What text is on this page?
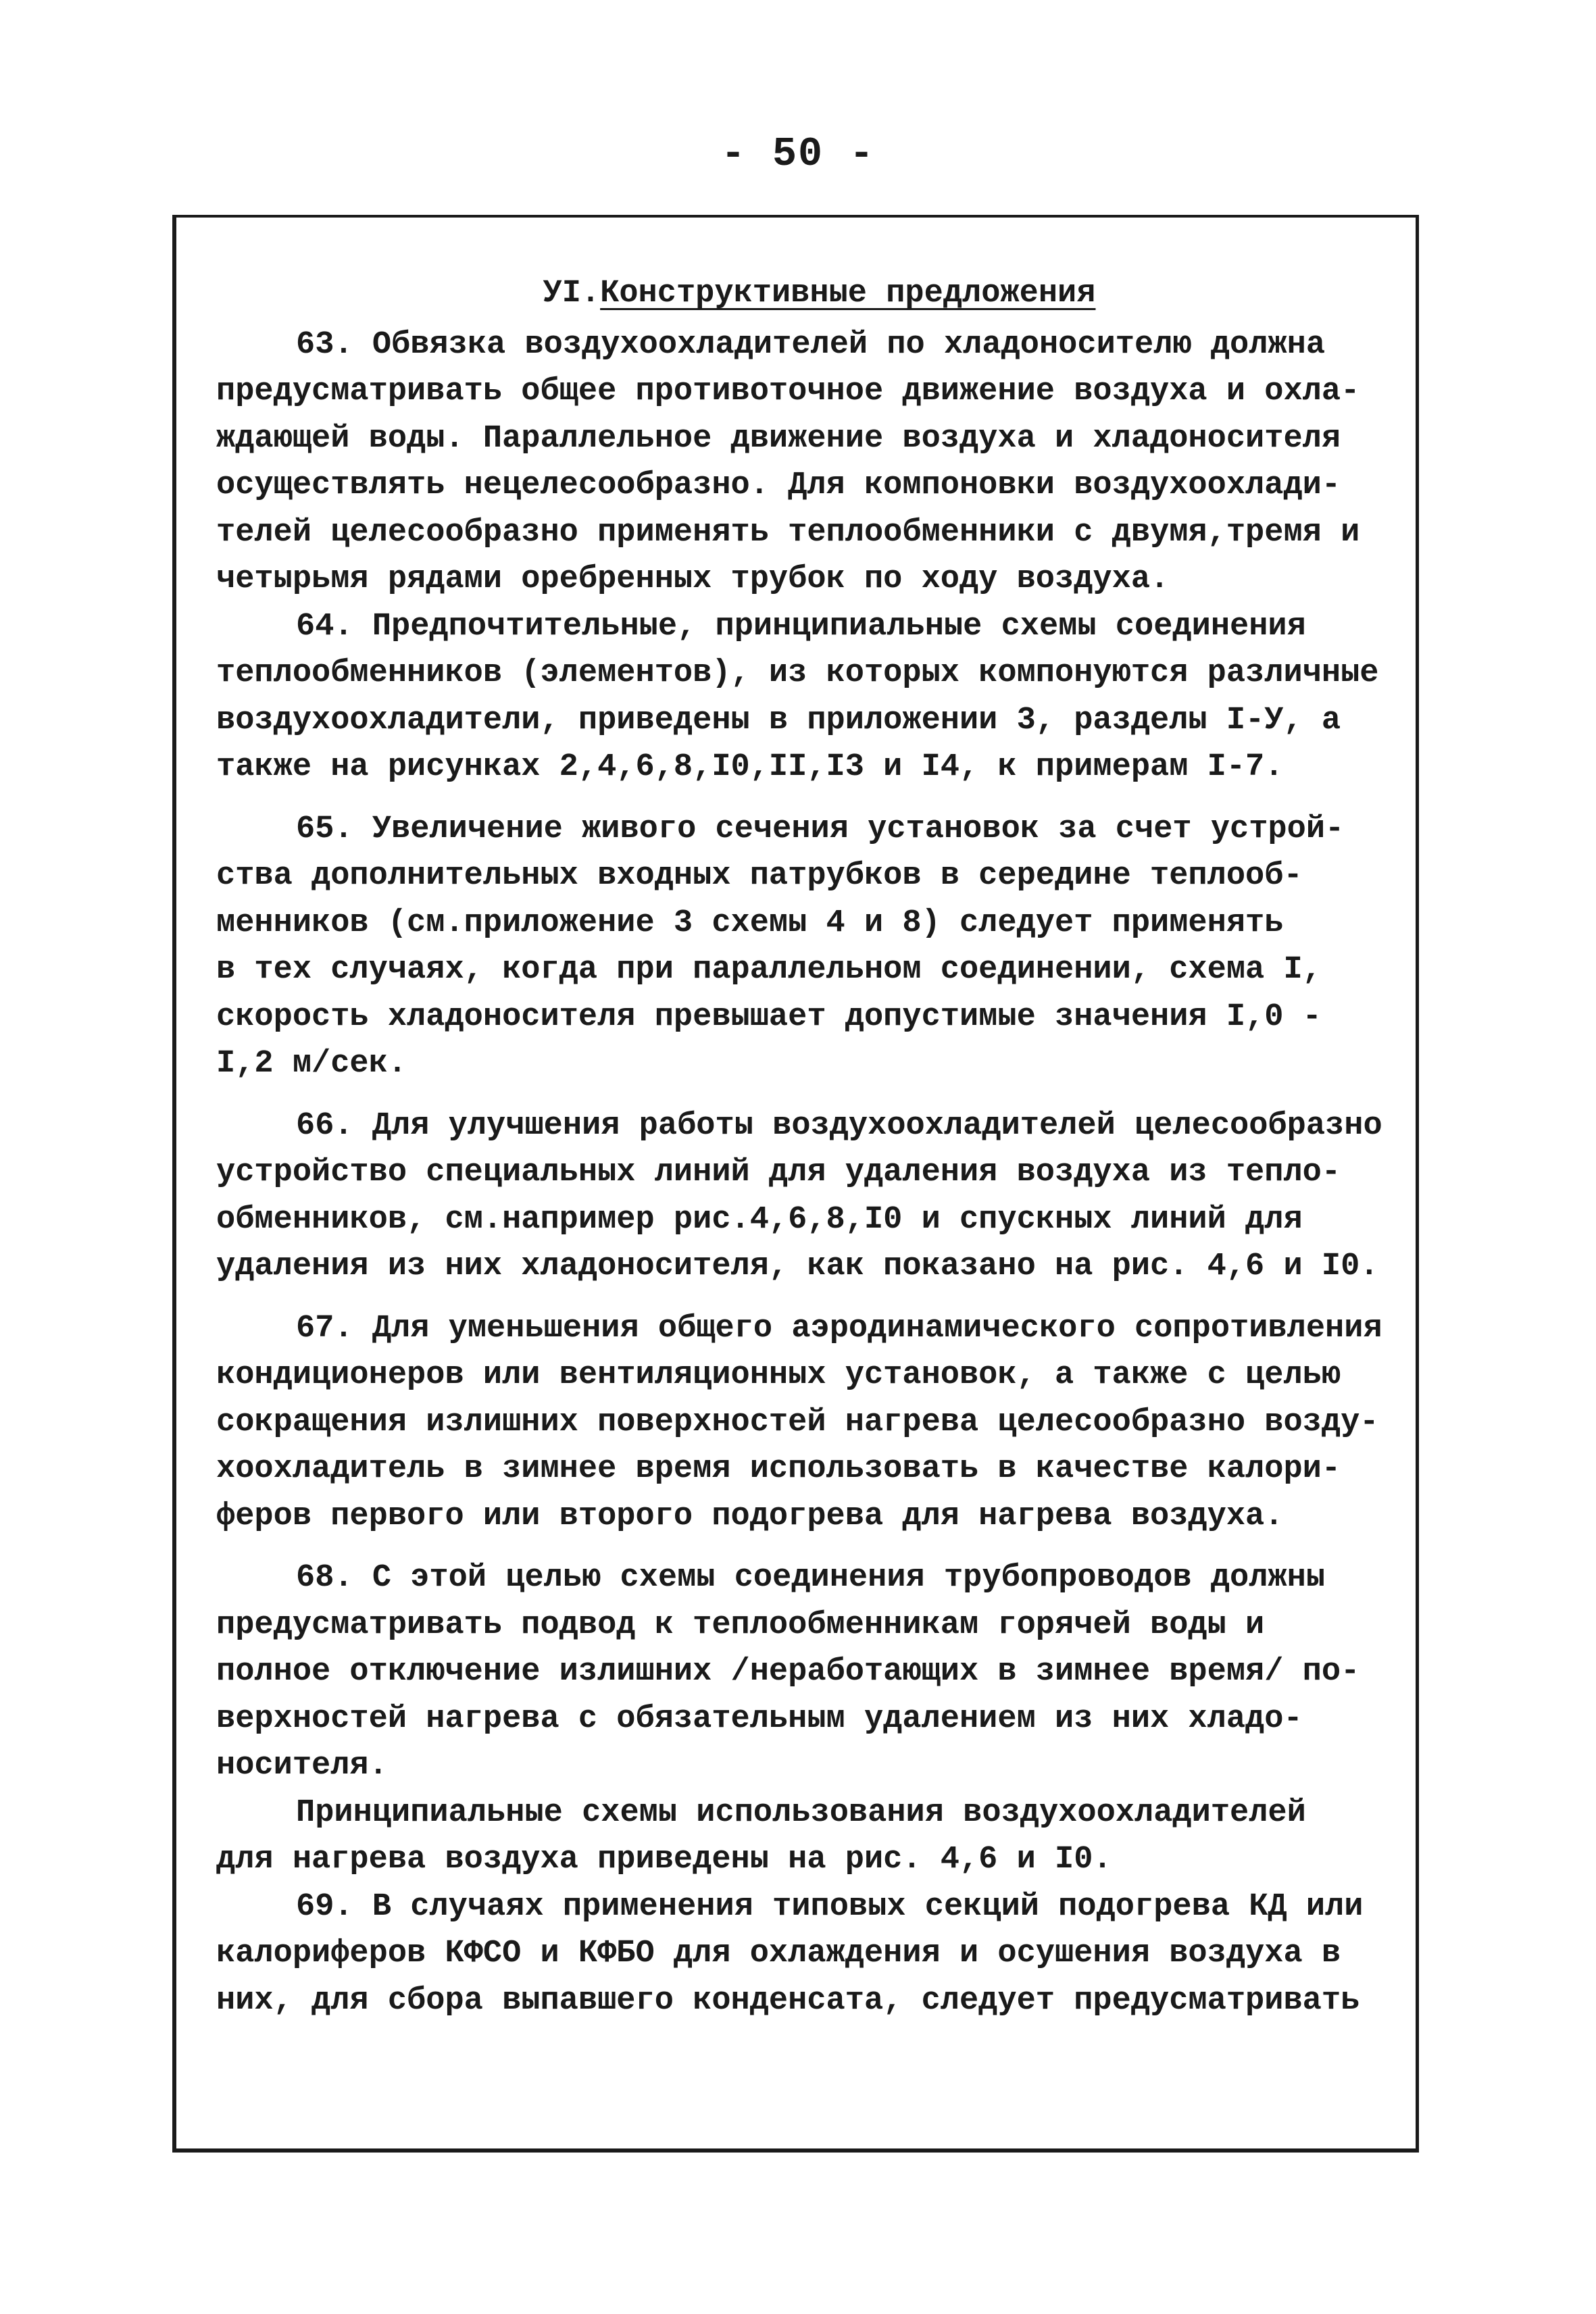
- 50 -
УI.Конструктивные предложения
63. Обвязка воздухоохладителей по хладоносителю должна
предусматривать общее противоточное движение воздуха и охла-
ждающей воды. Параллельное движение воздуха и хладоносителя
осуществлять нецелесообразно. Для компоновки воздухоохлади-
телей целесообразно применять теплообменники с двумя,тремя и
четырьмя рядами оребренных трубок по ходу воздуха.
64. Предпочтительные, принципиальные схемы соединения
теплообменников (элементов), из которых компонуются различные
воздухоохладители, приведены в приложении 3, разделы I-У, а
также на рисунках 2,4,6,8,I0,II,I3 и I4, к примерам I-7.
65. Увеличение живого сечения установок за счет устрой-
ства дополнительных входных патрубков в середине теплооб-
менников (см.приложение 3 схемы 4 и 8) следует применять
в тех случаях, когда при параллельном соединении, схема I,
скорость хладоносителя превышает допустимые значения I,0 -
I,2 м/сек.
66. Для улучшения работы воздухоохладителей целесообразно
устройство специальных линий для удаления воздуха из тепло-
обменников, см.например рис.4,6,8,I0 и спускных линий для
удаления из них хладоносителя, как показано на рис. 4,6 и I0.
67. Для уменьшения общего аэродинамического сопротивления
кондиционеров или вентиляционных установок, а также с целью
сокращения излишних поверхностей нагрева целесообразно возду-
хоохладитель в зимнее время использовать в качестве калори-
феров первого или второго подогрева для нагрева воздуха.
68. С этой целью схемы соединения трубопроводов должны
предусматривать подвод к теплообменникам горячей воды и
полное отключение излишних /неработающих в зимнее время/ по-
верхностей нагрева с обязательным удалением из них хладо-
носителя.
Принципиальные схемы использования воздухоохладителей
для нагрева воздуха приведены на рис. 4,6 и I0.
69. В случаях применения типовых секций подогрева КД или
калориферов КФСО и КФБО для охлаждения и осушения воздуха в
них, для сбора выпавшего конденсата, следует предусматривать
